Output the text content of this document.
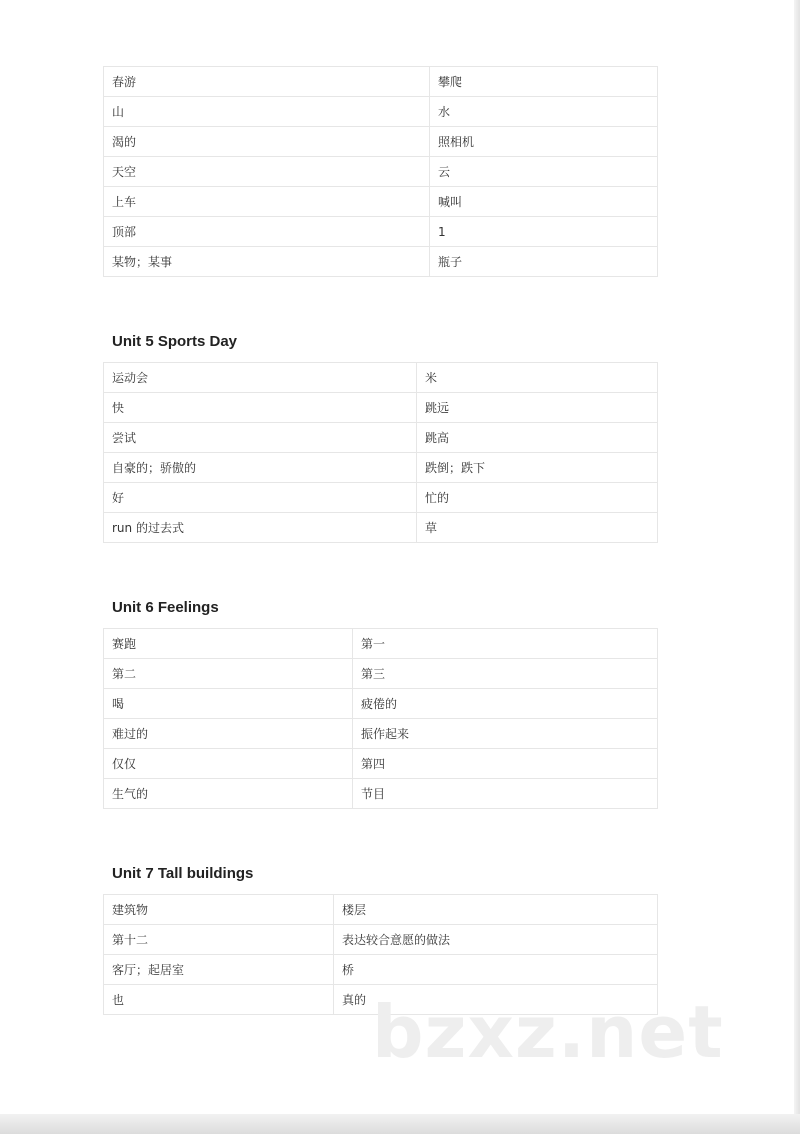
春游	攀爬
山	水
渴的	照相机
天空	云
上车	喊叫
顶部	1
某物；某事	瓶子
Unit 5 Sports Day
运动会	米
快	跳远
尝试	跳高
自豪的；骄傲的	跌倒；跌下
好	忙的
run 的过去式	草
Unit 6 Feelings
赛跑	第一
第二	第三
喝	疲倦的
难过的	振作起来
仅仅	第四
生气的	节目
Unit 7 Tall buildings
建筑物	楼层
第十二	表达较合意愿的做法
客厅；起居室	桥
也	真的 bzxz.net
